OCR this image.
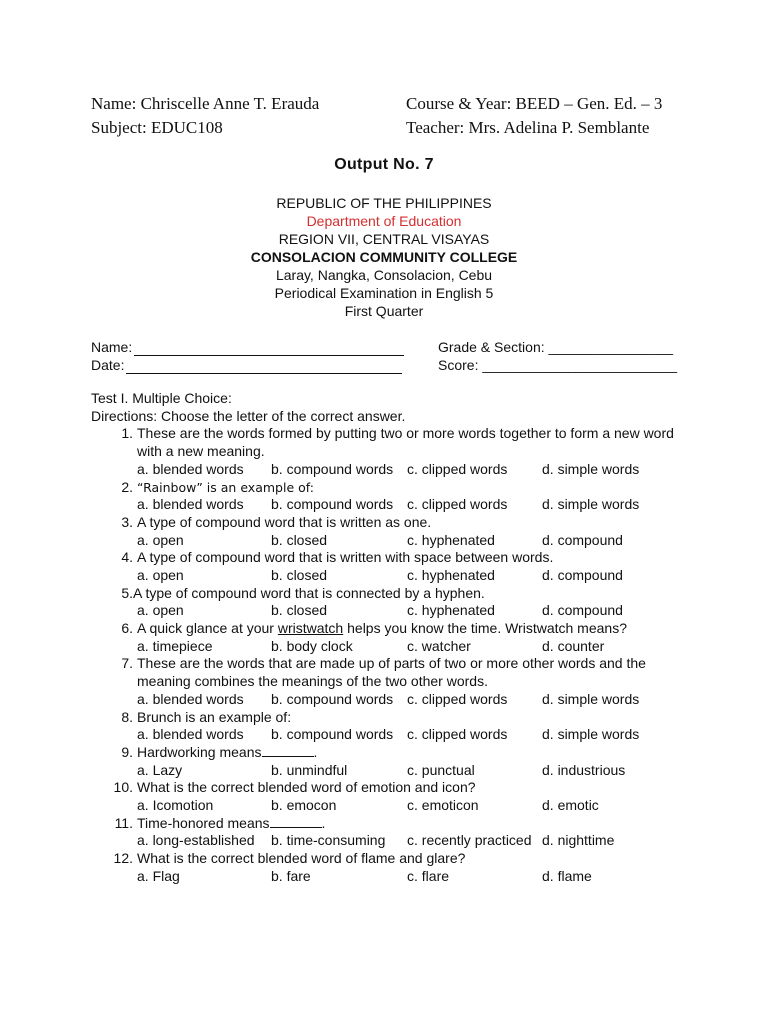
Name: Chriscelle Anne T. Erauda
Subject: EDUC108
Course & Year: BEED – Gen. Ed. – 3
Teacher: Mrs. Adelina P. Semblante
Output No. 7
REPUBLIC OF THE PHILIPPINES
Department of Education
REGION VII, CENTRAL VISAYAS
CONSOLACION COMMUNITY COLLEGE
Laray, Nangka, Consolacion, Cebu
Periodical Examination in English 5
First Quarter
Name:
Date:
Grade & Section: ________________
Score: _________________________
Test I. Multiple Choice:
Directions: Choose the letter of the correct answer.
1. These are the words formed by putting two or more words together to form a new word
with a new meaning.
a. blended words b. compound words c. clipped words d. simple words
2. “Rainbow” is an example of:
a. blended words b. compound words c. clipped words d. simple words
3. A type of compound word that is written as one.
a. open	b. closed	c. hyphenated	d. compound
4. A type of compound word that is written with space between words.
a. open	b. closed	c. hyphenated	d. compound
5. A type of compound word that is connected by a hyphen.
a. open	b. closed	c. hyphenated	d. compound
6. A quick glance at your wristwatch helps you know the time. Wristwatch means?
a. timepiece	b. body clock	c. watcher	d. counter
7. These are the words that are made up of parts of two or more other words and the
meaning combines the meanings of the two other words.
a. blended words b. compound words c. clipped words d. simple words
8. Brunch is an example of:
a. blended words b. compound words c. clipped words d. simple words
9. Hardworking means	.
a. Lazy	b. unmindful	c. punctual	d. industrious
10. What is the correct blended word of emotion and icon?
a. Icomotion	b. emocon	c. emoticon	d. emotic
11. Time-honored means	.
a. long-established b. time-consuming c. recently practiced d. nighttime
12. What is the correct blended word of flame and glare?
a. Flag	b. fare	c. flare	d. flame
